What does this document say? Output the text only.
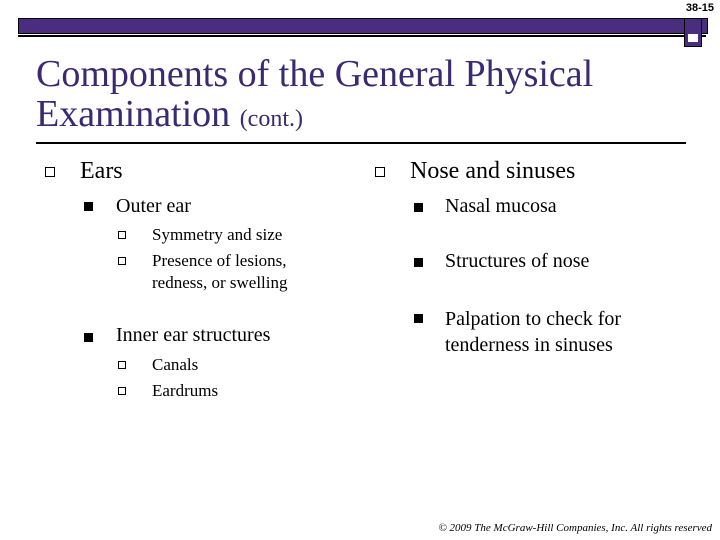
38-15
Components of the General Physical Examination (cont.)
Ears
Outer ear
Symmetry and size
Presence of lesions, redness, or swelling
Inner ear structures
Canals
Eardrums
Nose and sinuses
Nasal mucosa
Structures of nose
Palpation to check for tenderness in sinuses
© 2009 The McGraw-Hill Companies, Inc. All rights reserved
